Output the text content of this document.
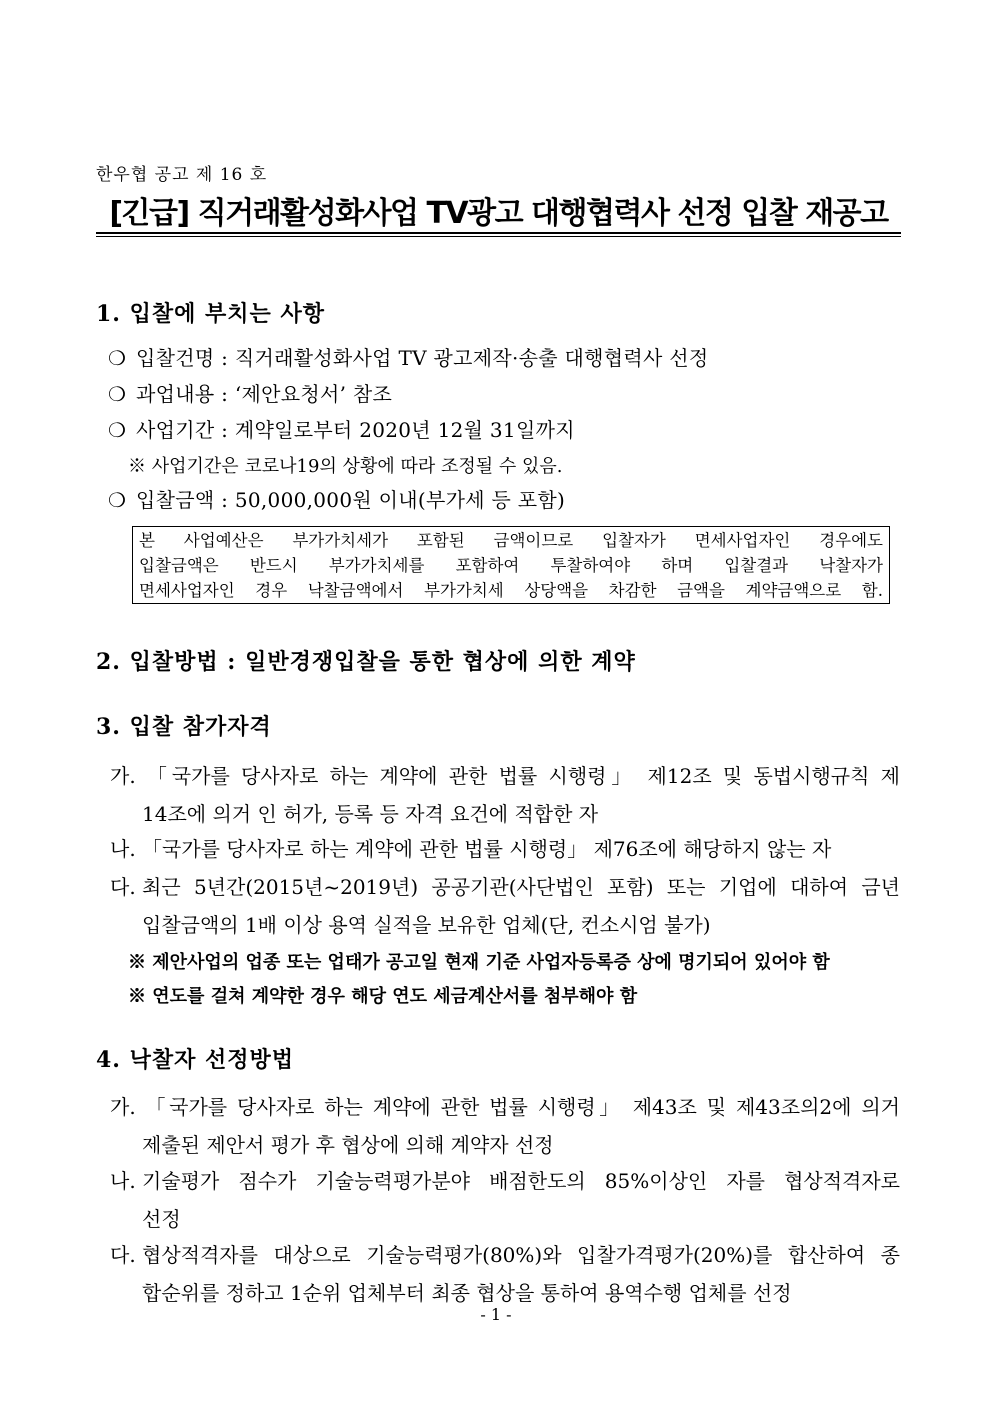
한우협 공고 제 16 호
[긴급] 직거래활성화사업 TV광고 대행협력사 선정 입찰 재공고
1. 입찰에 부치는 사항
❍ 입찰건명 : 직거래활성화사업 TV 광고제작·송출 대행협력사 선정
❍ 과업내용 : ‘제안요청서’ 참조
❍ 사업기간 : 계약일로부터 2020년 12월 31일까지
※ 사업기간은 코로나19의 상황에 따라 조정될 수 있음.
❍ 입찰금액 : 50,000,000원 이내(부가세 등 포함)
본 사업예산은 부가가치세가 포함된 금액이므로 입찰자가 면세사업자인 경우에도
입찰금액은 반드시 부가가치세를 포함하여 투찰하여야 하며 입찰결과 낙찰자가
면세사업자인 경우 낙찰금액에서 부가가치세 상당액을 차감한 금액을 계약금액으로 함.
2. 입찰방법 : 일반경쟁입찰을 통한 협상에 의한 계약
3. 입찰 참가자격
가. 「국가를 당사자로 하는 계약에 관한 법률 시행령」 제12조 및 동법시행규칙 제
14조에 의거 인 허가, 등록 등 자격 요건에 적합한 자
나. 「국가를 당사자로 하는 계약에 관한 법률 시행령」 제76조에 해당하지 않는 자
다. 최근 5년간(2015년~2019년) 공공기관(사단법인 포함) 또는 기업에 대하여 금년
입찰금액의 1배 이상 용역 실적을 보유한 업체(단, 컨소시엄 불가)
※ 제안사업의 업종 또는 업태가 공고일 현재 기준 사업자등록증 상에 명기되어 있어야 함
※ 연도를 걸쳐 계약한 경우 해당 연도 세금계산서를 첨부해야 함
4. 낙찰자 선정방법
가. 「국가를 당사자로 하는 계약에 관한 법률 시행령」 제43조 및 제43조의2에 의거
제출된 제안서 평가 후 협상에 의해 계약자 선정
나. 기술평가 점수가 기술능력평가분야 배점한도의 85%이상인 자를 협상적격자로
선정
다. 협상적격자를 대상으로 기술능력평가(80%)와 입찰가격평가(20%)를 합산하여 종
합순위를 정하고 1순위 업체부터 최종 협상을 통하여 용역수행 업체를 선정
- 1 -
